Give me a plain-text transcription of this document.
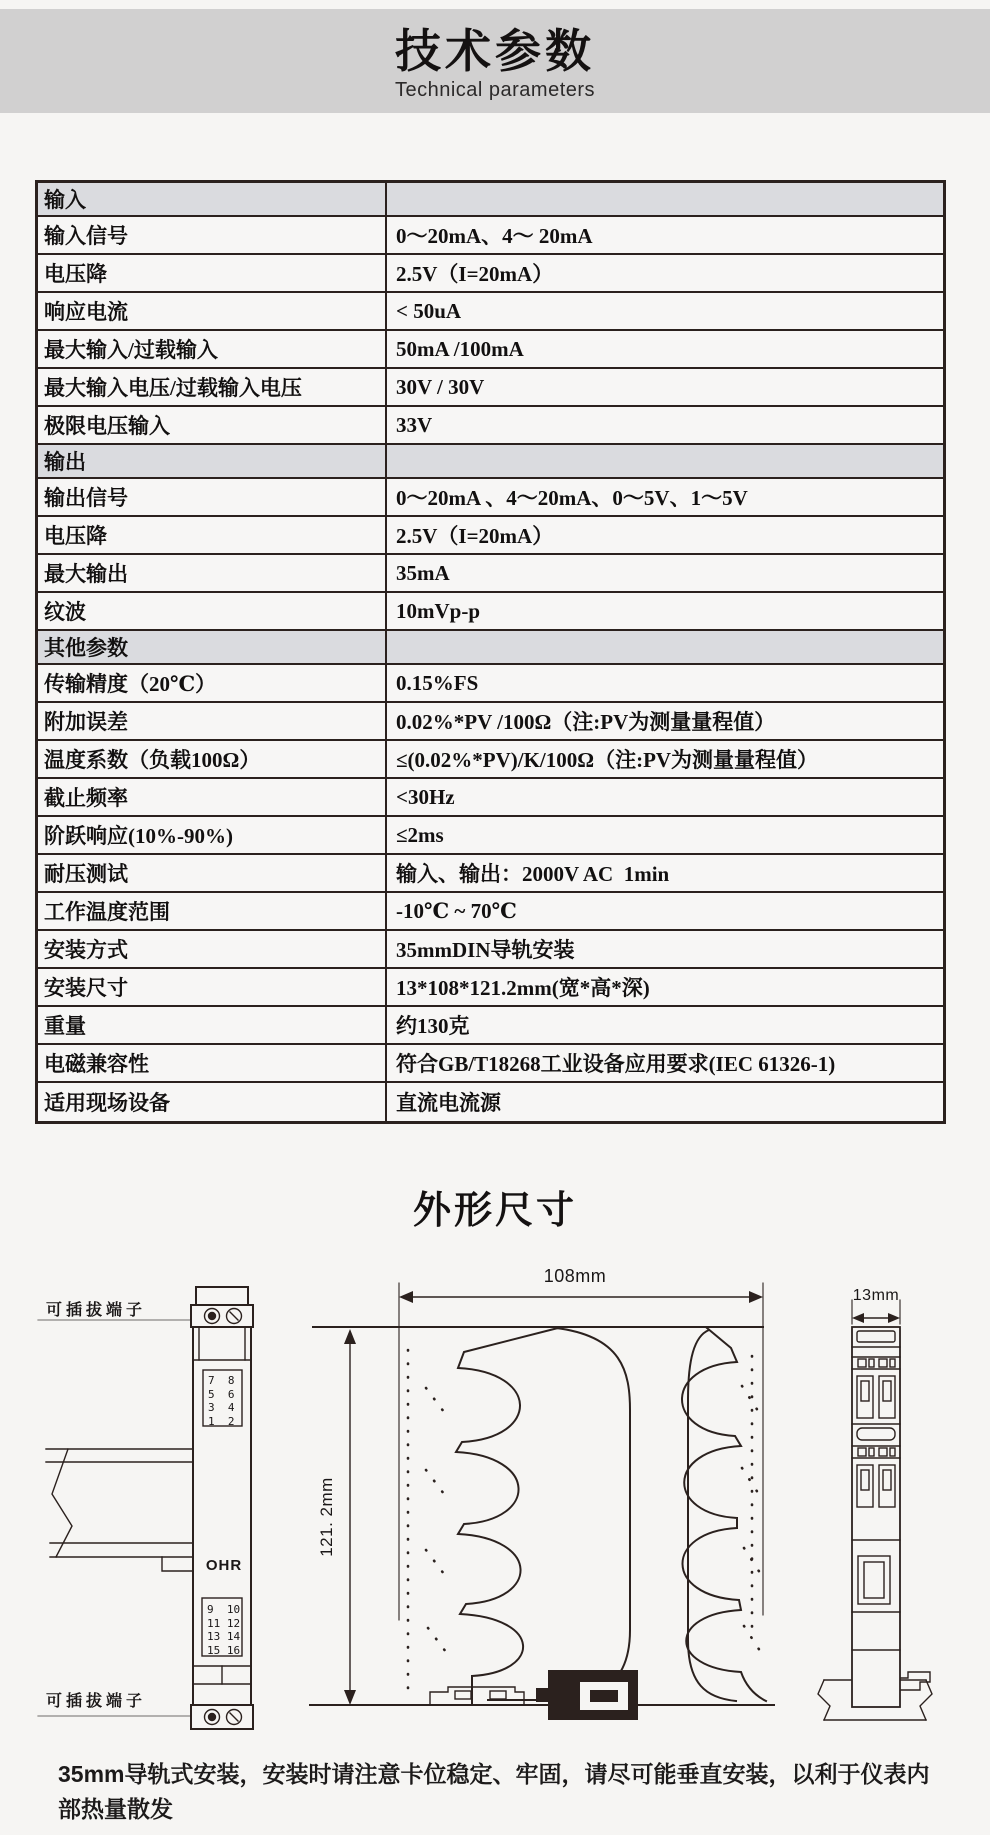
技术参数
Technical parameters
输入
输入信号	0～20mA、4～ 20mA
电压降	2.5V（I=20mA）
响应电流	< 50uA
最大输入/过载输入	50mA /100mA
最大输入电压/过载输入电压	30V / 30V
极限电压输入	33V
输出
输出信号	0～20mA 、4～20mA、0～5V、1～5V
电压降	2.5V（I=20mA）
最大输出	35mA
纹波	10mVp-p
其他参数
传输精度（20℃）	0.15%FS
附加误差	0.02%*PV /100Ω（注:PV为测量量程值）
温度系数（负载100Ω）	≤(0.02%*PV)/K/100Ω（注:PV为测量量程值）
截止频率	<30Hz
阶跃响应(10%-90%)	≤2ms
耐压测试	输入、输出：2000V AC  1min
工作温度范围	-10℃ ~ 70℃
安装方式	35mmDIN导轨安装
安装尺寸	13*108*121.2mm(宽*高*深)
重量	约130克
电磁兼容性	符合GB/T18268工业设备应用要求(IEC 61326-1)
适用现场设备	直流电流源
外形尺寸
可插拔端子
可插拔端子
OHR
7  8
5  6
3  4
1  2
9  10
11 12
13 14
15 16
108mm
121. 2mm
13mm
35mm导轨式安装，安装时请注意卡位稳定、牢固，请尽可能垂直安装，以利于仪表内部热量散发
